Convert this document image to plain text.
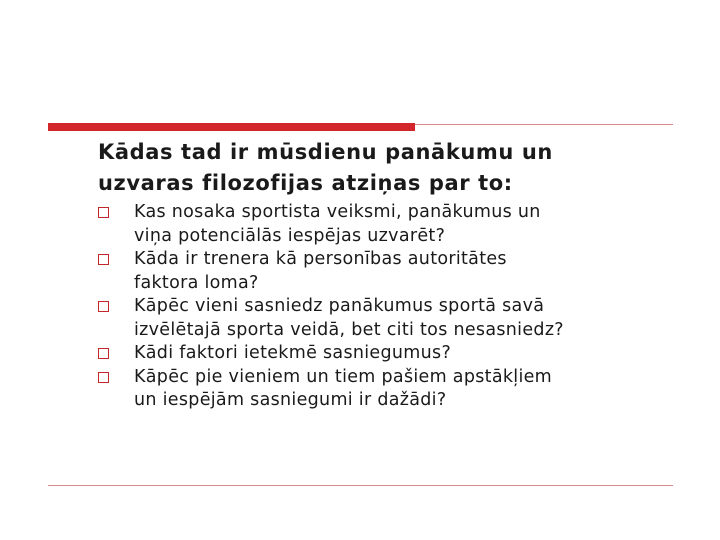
Kādas tad ir mūsdienu panākumu un
uzvaras filozofijas atziņas par to:
Kas nosaka sportista veiksmi, panākumus un
viņa potenciālās iespējas uzvarēt?
Kāda ir trenera kā personības autoritātes
faktora loma?
Kāpēc vieni sasniedz panākumus sportā savā
izvēlētajā sporta veidā, bet citi tos nesasniedz?
Kādi faktori ietekmē sasniegumus?
Kāpēc pie vieniem un tiem pašiem apstākļiem
un iespējām sasniegumi ir dažādi?
